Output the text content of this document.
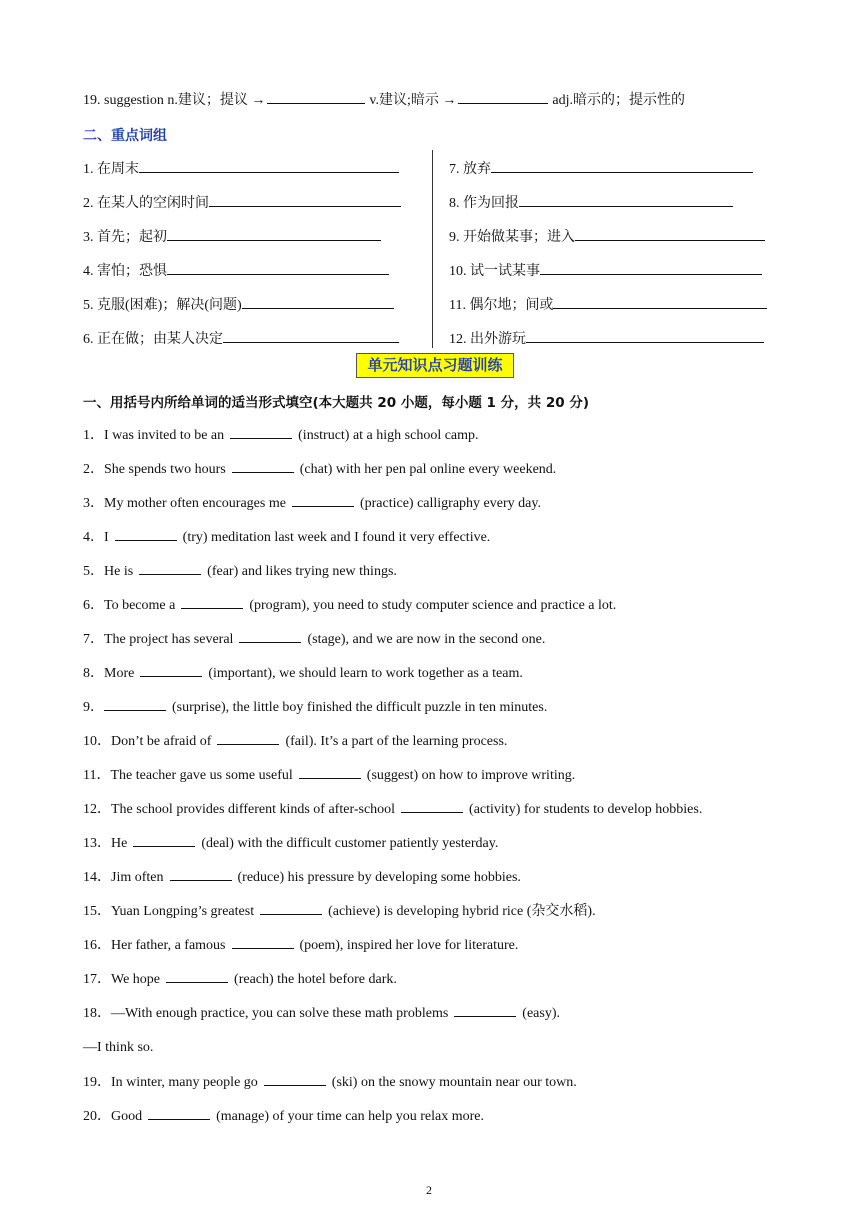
19. suggestion n.建议；提议 →	v.建议;暗示 →	adj.暗示的；提示性的
二、重点词组
1. 在周末
2. 在某人的空闲时间
3. 首先；起初
4. 害怕；恐惧
5. 克服(困难)；解决(问题)
6. 正在做；由某人决定
7. 放弃
8. 作为回报
9. 开始做某事；进入
10. 试一试某事
11. 偶尔地；间或
12. 出外游玩
单元知识点习题训练
一、用括号内所给单词的适当形式填空(本大题共 20 小题，每小题 1 分，共 20 分)
1．I was invited to be an	(instruct) at a high school camp.
2．She spends two hours	(chat) with her pen pal online every weekend.
3．My mother often encourages me	(practice) calligraphy every day.
4．I	(try) meditation last week and I found it very effective.
5．He is	(fear) and likes trying new things.
6．To become a	(program), you need to study computer science and practice a lot.
7．The project has several	(stage), and we are now in the second one.
8．More	(important), we should learn to work together as a team.
9．	(surprise), the little boy finished the difficult puzzle in ten minutes.
10．Don’t be afraid of	(fail). It’s a part of the learning process.
11．The teacher gave us some useful	(suggest) on how to improve writing.
12．The school provides different kinds of after-school	(activity) for students to develop hobbies.
13．He	(deal) with the difficult customer patiently yesterday.
14．Jim often	(reduce) his pressure by developing some hobbies.
15．Yuan Longping’s greatest	(achieve) is developing hybrid rice (杂交水稻).
16．Her father, a famous	(poem), inspired her love for literature.
17．We hope	(reach) the hotel before dark.
18．—With enough practice, you can solve these math problems	(easy).
—I think so.
19．In winter, many people go	(ski) on the snowy mountain near our town.
20．Good	(manage) of your time can help you relax more.
2
